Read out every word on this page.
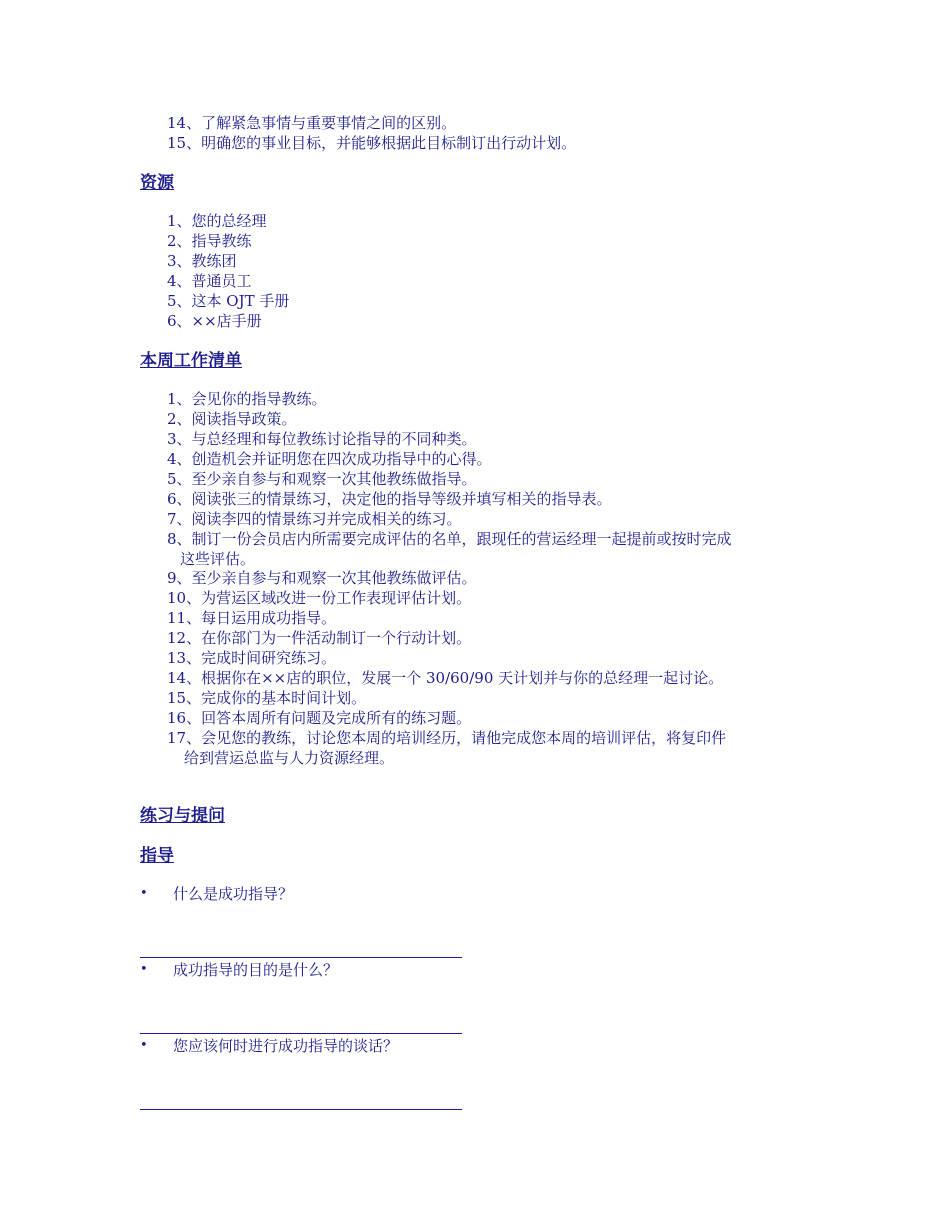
14、了解紧急事情与重要事情之间的区别。
15、明确您的事业目标，并能够根据此目标制订出行动计划。
资源
1、您的总经理
2、指导教练
3、教练团
4、普通员工
5、这本 OJT 手册
6、××店手册
本周工作清单
1、会见你的指导教练。
2、阅读指导政策。
3、与总经理和每位教练讨论指导的不同种类。
4、创造机会并证明您在四次成功指导中的心得。
5、至少亲自参与和观察一次其他教练做指导。
6、阅读张三的情景练习，决定他的指导等级并填写相关的指导表。
7、阅读李四的情景练习并完成相关的练习。
8、制订一份会员店内所需要完成评估的名单，跟现任的营运经理一起提前或按时完成
这些评估。
9、至少亲自参与和观察一次其他教练做评估。
10、为营运区域改进一份工作表现评估计划。
11、每日运用成功指导。
12、在你部门为一件活动制订一个行动计划。
13、完成时间研究练习。
14、根据你在××店的职位，发展一个 30/60/90 天计划并与你的总经理一起讨论。
15、完成你的基本时间计划。
16、回答本周所有问题及完成所有的练习题。
17、会见您的教练，讨论您本周的培训经历，请他完成您本周的培训评估，将复印件
给到营运总监与人力资源经理。
练习与提问
指导
• 什么是成功指导？
• 成功指导的目的是什么？
• 您应该何时进行成功指导的谈话？
